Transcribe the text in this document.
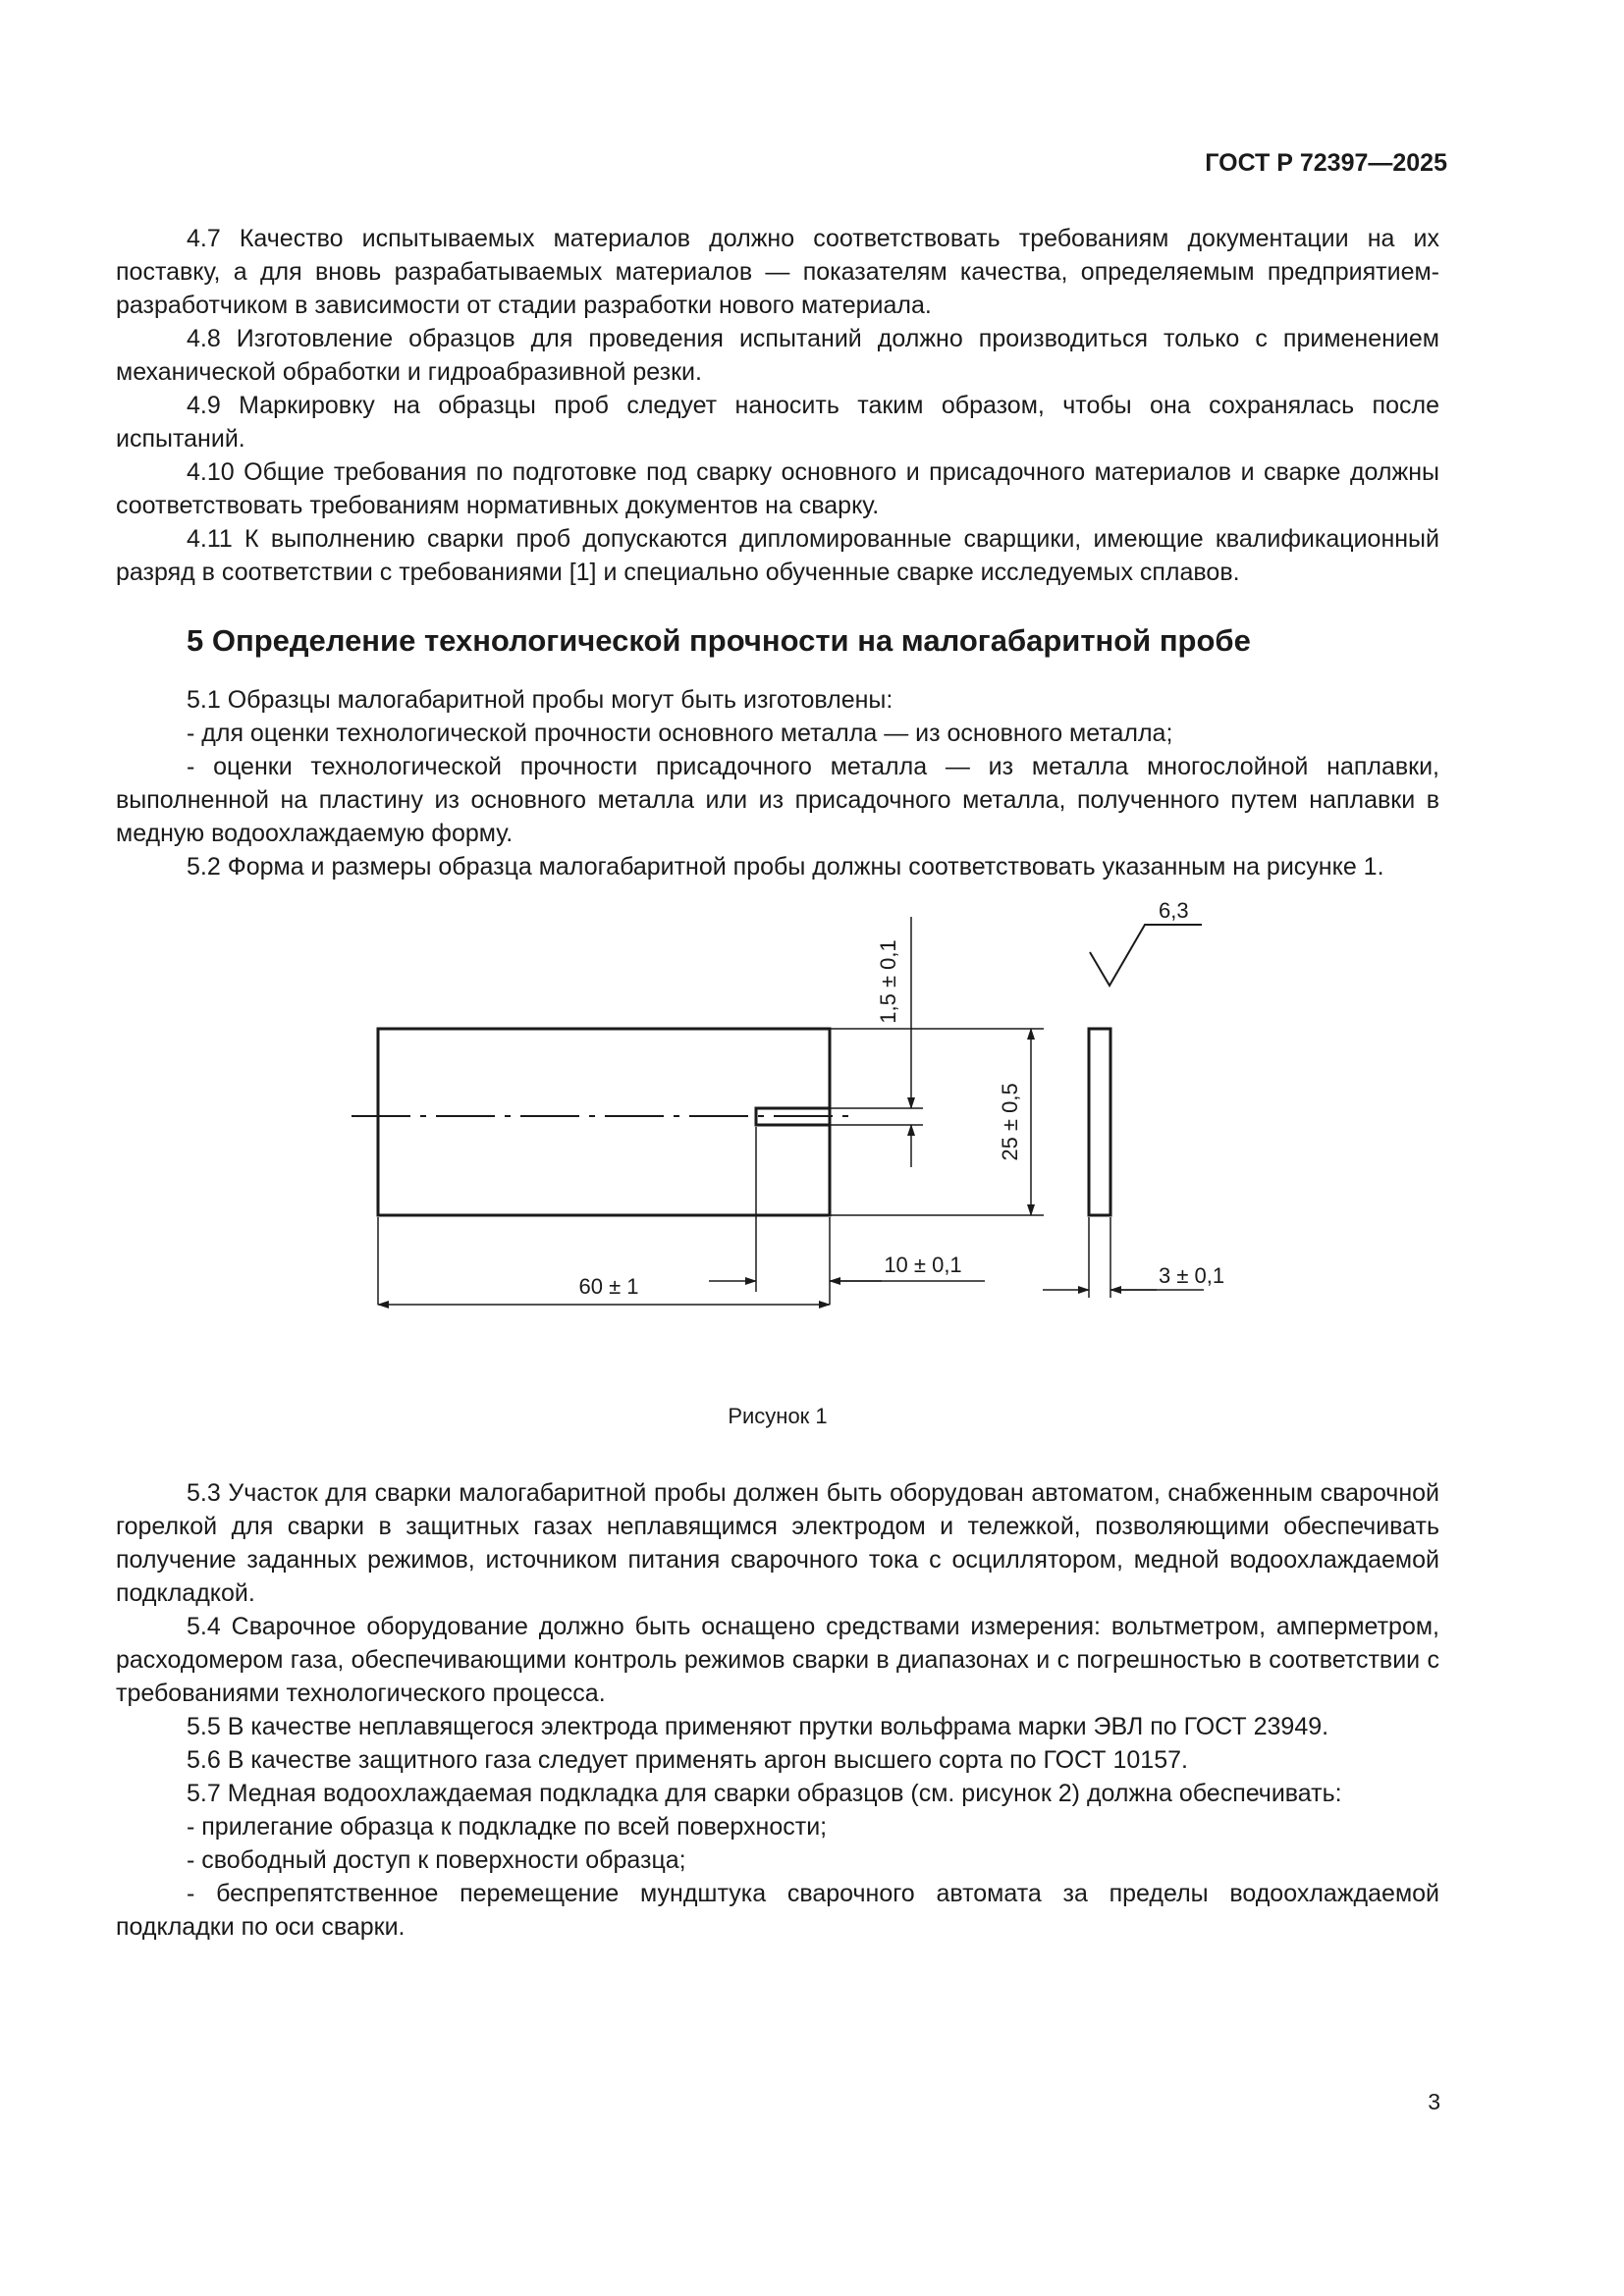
ГОСТ Р 72397—2025

4.7 Качество испытываемых материалов должно соответствовать требованиям документации на их поставку, а для вновь разрабатываемых материалов — показателям качества, определяемым предприятием-разработчиком в зависимости от стадии разработки нового материала.

4.8 Изготовление образцов для проведения испытаний должно производиться только с применением механической обработки и гидроабразивной резки.

4.9 Маркировку на образцы проб следует наносить таким образом, чтобы она сохранялась после испытаний.

4.10 Общие требования по подготовке под сварку основного и присадочного материалов и сварке должны соответствовать требованиям нормативных документов на сварку.

4.11 К выполнению сварки проб допускаются дипломированные сварщики, имеющие квалификационный разряд в соответствии с требованиями [1] и специально обученные сварке исследуемых сплавов.

5 Определение технологической прочности на малогабаритной пробе

5.1 Образцы малогабаритной пробы могут быть изготовлены:

- для оценки технологической прочности основного металла — из основного металла;

- оценки технологической прочности присадочного металла — из металла многослойной наплавки, выполненной на пластину из основного металла или из присадочного металла, полученного путем наплавки в медную водоохлаждаемую форму.

5.2 Форма и размеры образца малогабаритной пробы должны соответствовать указанным на рисунке 1.

60 ± 1
10 ± 0,1
25 ± 0,5
1,5 ± 0,1
3 ± 0,1
6,3
Рисунок 1

5.3 Участок для сварки малогабаритной пробы должен быть оборудован автоматом, снабженным сварочной горелкой для сварки в защитных газах неплавящимся электродом и тележкой, позволяющими обеспечивать получение заданных режимов, источником питания сварочного тока с осциллятором, медной водоохлаждаемой подкладкой.

5.4 Сварочное оборудование должно быть оснащено средствами измерения: вольтметром, амперметром, расходомером газа, обеспечивающими контроль режимов сварки в диапазонах и с погрешностью в соответствии с требованиями технологического процесса.

5.5 В качестве неплавящегося электрода применяют прутки вольфрама марки ЭВЛ по ГОСТ 23949.

5.6 В качестве защитного газа следует применять аргон высшего сорта по ГОСТ 10157.

5.7 Медная водоохлаждаемая подкладка для сварки образцов (см. рисунок 2) должна обеспечивать:

- прилегание образца к подкладке по всей поверхности;

- свободный доступ к поверхности образца;

- беспрепятственное перемещение мундштука сварочного автомата за пределы водоохлаждаемой подкладки по оси сварки.

3
